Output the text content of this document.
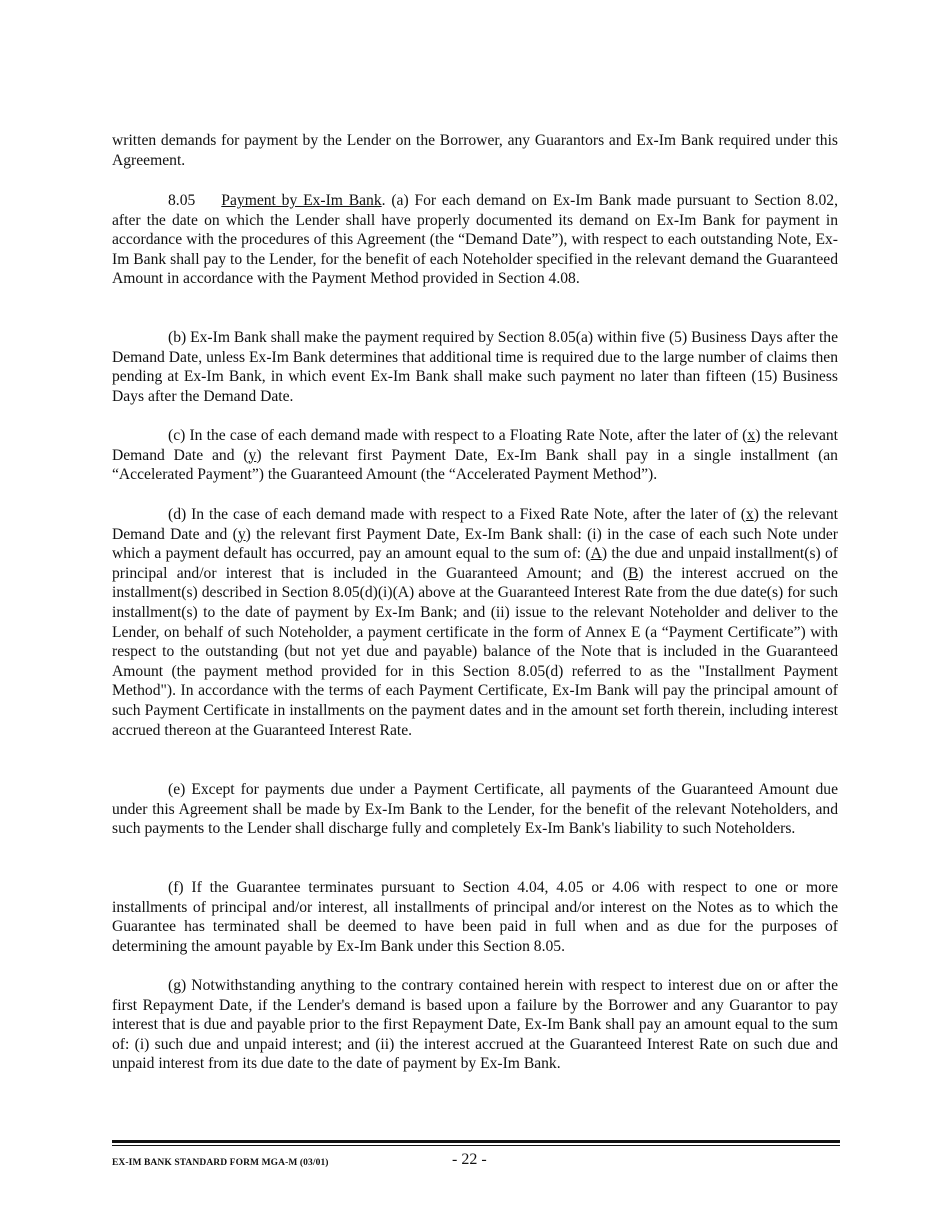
written demands for payment by the Lender on the Borrower, any Guarantors and Ex-Im Bank required under this Agreement.

8.05 Payment by Ex-Im Bank. (a) For each demand on Ex-Im Bank made pursuant to Section 8.02, after the date on which the Lender shall have properly documented its demand on Ex-Im Bank for payment in accordance with the procedures of this Agreement (the “Demand Date”), with respect to each outstanding Note, Ex-Im Bank shall pay to the Lender, for the benefit of each Noteholder specified in the relevant demand the Guaranteed Amount in accordance with the Payment Method provided in Section 4.08.

(b) Ex-Im Bank shall make the payment required by Section 8.05(a) within five (5) Business Days after the Demand Date, unless Ex-Im Bank determines that additional time is required due to the large number of claims then pending at Ex-Im Bank, in which event Ex-Im Bank shall make such payment no later than fifteen (15) Business Days after the Demand Date.

(c) In the case of each demand made with respect to a Floating Rate Note, after the later of (x) the relevant Demand Date and (y) the relevant first Payment Date, Ex-Im Bank shall pay in a single installment (an “Accelerated Payment”) the Guaranteed Amount (the “Accelerated Payment Method”).

(d) In the case of each demand made with respect to a Fixed Rate Note, after the later of (x) the relevant Demand Date and (y) the relevant first Payment Date, Ex-Im Bank shall: (i) in the case of each such Note under which a payment default has occurred, pay an amount equal to the sum of: (A) the due and unpaid installment(s) of principal and/or interest that is included in the Guaranteed Amount; and (B) the interest accrued on the installment(s) described in Section 8.05(d)(i)(A) above at the Guaranteed Interest Rate from the due date(s) for such installment(s) to the date of payment by Ex-Im Bank; and (ii) issue to the relevant Noteholder and deliver to the Lender, on behalf of such Noteholder, a payment certificate in the form of Annex E (a “Payment Certificate”) with respect to the outstanding (but not yet due and payable) balance of the Note that is included in the Guaranteed Amount (the payment method provided for in this Section 8.05(d) referred to as the "Installment Payment Method"). In accordance with the terms of each Payment Certificate, Ex-Im Bank will pay the principal amount of such Payment Certificate in installments on the payment dates and in the amount set forth therein, including interest accrued thereon at the Guaranteed Interest Rate.

(e) Except for payments due under a Payment Certificate, all payments of the Guaranteed Amount due under this Agreement shall be made by Ex-Im Bank to the Lender, for the benefit of the relevant Noteholders, and such payments to the Lender shall discharge fully and completely Ex-Im Bank's liability to such Noteholders.

(f) If the Guarantee terminates pursuant to Section 4.04, 4.05 or 4.06 with respect to one or more installments of principal and/or interest, all installments of principal and/or interest on the Notes as to which the Guarantee has terminated shall be deemed to have been paid in full when and as due for the purposes of determining the amount payable by Ex-Im Bank under this Section 8.05.

(g) Notwithstanding anything to the contrary contained herein with respect to interest due on or after the first Repayment Date, if the Lender's demand is based upon a failure by the Borrower and any Guarantor to pay interest that is due and payable prior to the first Repayment Date, Ex-Im Bank shall pay an amount equal to the sum of: (i) such due and unpaid interest; and (ii) the interest accrued at the Guaranteed Interest Rate on such due and unpaid interest from its due date to the date of payment by Ex-Im Bank.

EX-IM BANK STANDARD FORM MGA-M (03/01)	- 22 -
